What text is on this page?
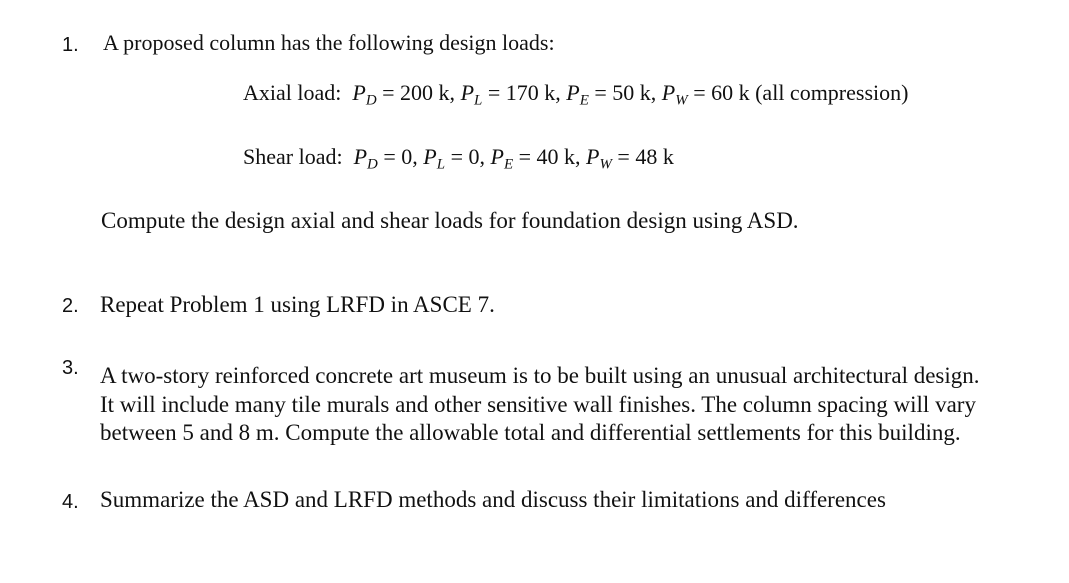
1. A proposed column has the following design loads:
Axial load: $P_D = 200$ k, $P_L = 170$ k, $P_E = 50$ k, $P_W = 60$ k (all compression)
Shear load: $P_D = 0$, $P_L = 0$, $P_E = 40$ k, $P_W = 48$ k
Compute the design axial and shear loads for foundation design using ASD.
2. Repeat Problem 1 using LRFD in ASCE 7.
3. A two-story reinforced concrete art museum is to be built using an unusual architectural design.
It will include many tile murals and other sensitive wall finishes. The column spacing will vary
between 5 and 8 m. Compute the allowable total and differential settlements for this building.
4. Summarize the ASD and LRFD methods and discuss their limitations and differences
